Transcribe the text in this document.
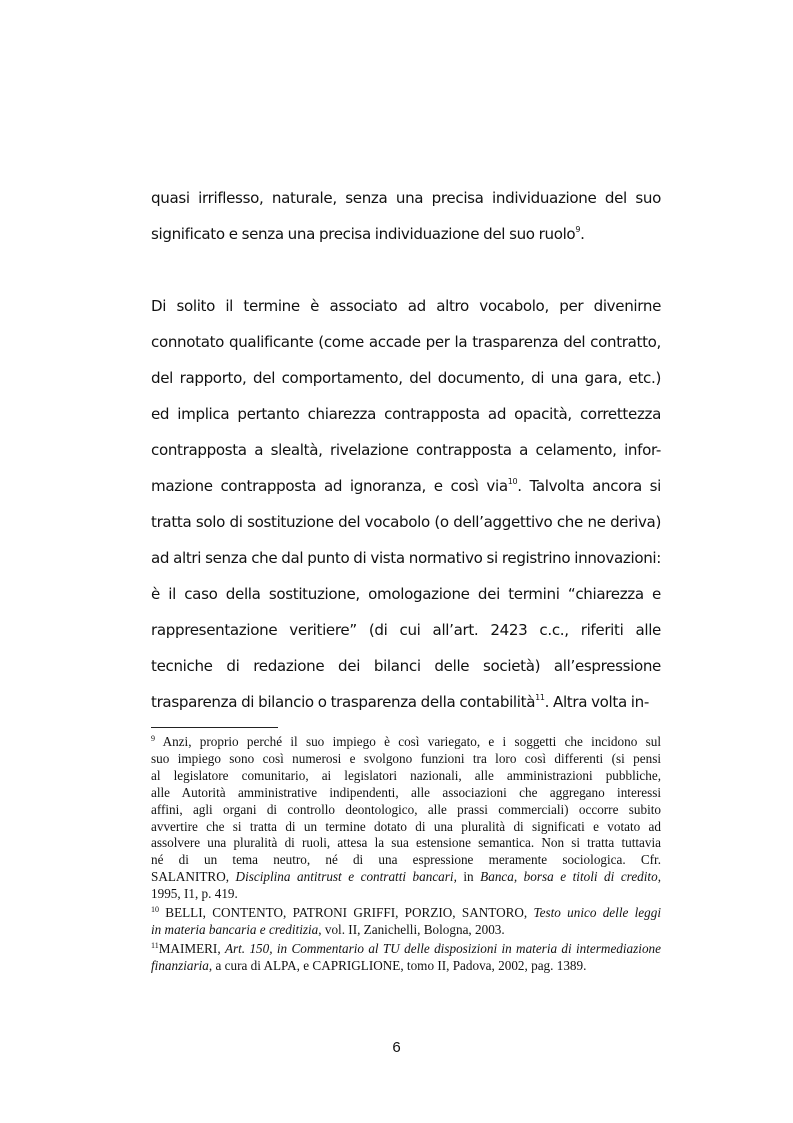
quasi irriflesso, naturale, senza una precisa individuazione del suo
significato e senza una precisa individuazione del suo ruolo$^9$.
Di solito il termine è associato ad altro vocabolo, per divenirne
connotato qualificante (come accade per la trasparenza del contratto,
del rapporto, del comportamento, del documento, di una gara, etc.)
ed implica pertanto chiarezza contrapposta ad opacità, correttezza
contrapposta a slealtà, rivelazione contrapposta a celamento, infor-
mazione contrapposta ad ignoranza, e così via$^{10}$. Talvolta ancora si
tratta solo di sostituzione del vocabolo (o dell’aggettivo che ne deriva)
ad altri senza che dal punto di vista normativo si registrino innovazioni:
è il caso della sostituzione, omologazione dei termini “chiarezza e
rappresentazione veritiere” (di cui all’art. 2423 c.c., riferiti alle
tecniche di redazione dei bilanci delle società) all’espressione
trasparenza di bilancio o trasparenza della contabilità$^{11}$. Altra volta in-
$^9$ Anzi, proprio perché il suo impiego è così variegato, e i soggetti che incidono sul
suo impiego sono così numerosi e svolgono funzioni tra loro così differenti (si pensi
al legislatore comunitario, ai legislatori nazionali, alle amministrazioni pubbliche,
alle Autorità amministrative indipendenti, alle associazioni che aggregano interessi
affini, agli organi di controllo deontologico, alle prassi commerciali) occorre subito
avvertire che si tratta di un termine dotato di una pluralità di significati e votato ad
assolvere una pluralità di ruoli, attesa la sua estensione semantica. Non si tratta tuttavia
né di un tema neutro, né di una espressione meramente sociologica. Cfr.
SALANITRO, Disciplina antitrust e contratti bancari, in Banca, borsa e titoli di credito,
1995, I1, p. 419.
$^{10}$ BELLI, CONTENTO, PATRONI GRIFFI, PORZIO, SANTORO, Testo unico delle leggi
in materia bancaria e creditizia, vol. II, Zanichelli, Bologna, 2003.
$^{11}$MAIMERI, Art. 150, in Commentario al TU delle disposizioni in materia di intermediazione
finanziaria, a cura di ALPA, e CAPRIGLIONE, tomo II, Padova, 2002, pag. 1389.
6
